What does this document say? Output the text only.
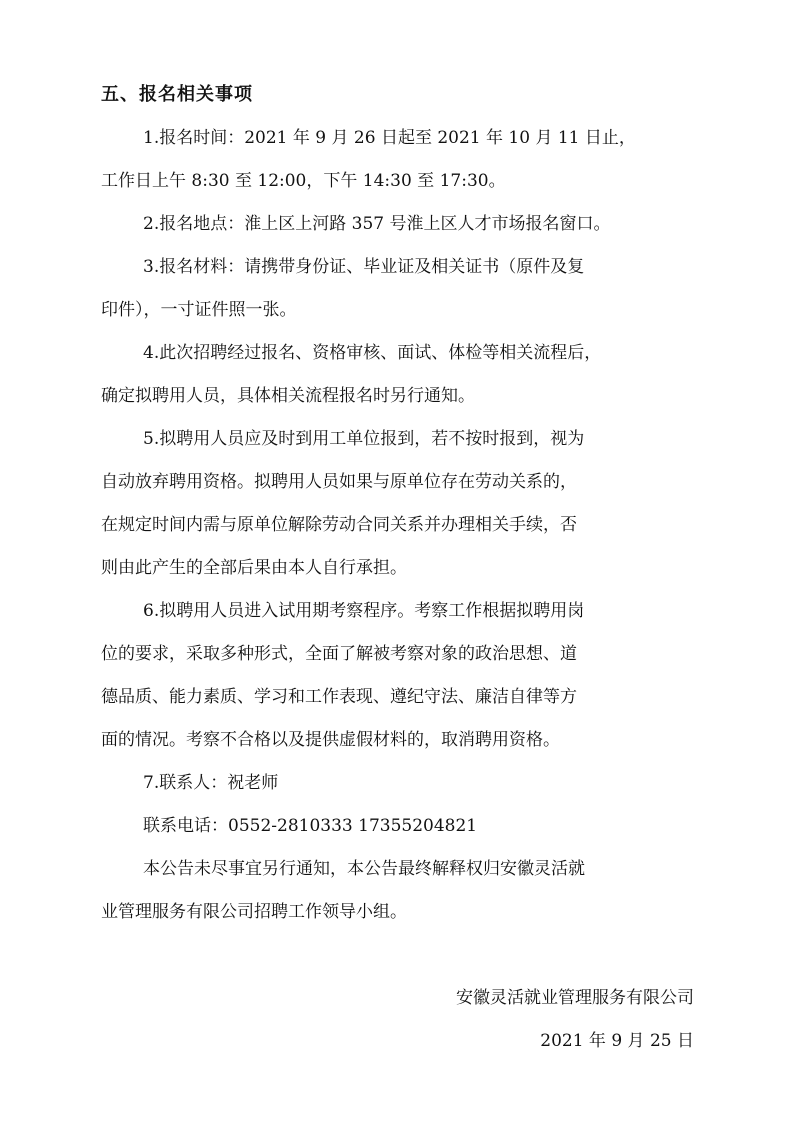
五、报名相关事项
1.报名时间：2021 年 9 月 26 日起至 2021 年 10 月 11 日止，
工作日上午 8:30 至 12:00，下午 14:30 至 17:30。
2.报名地点：淮上区上河路 357 号淮上区人才市场报名窗口。
3.报名材料：请携带身份证、毕业证及相关证书（原件及复
印件），一寸证件照一张。
4.此次招聘经过报名、资格审核、面试、体检等相关流程后，
确定拟聘用人员，具体相关流程报名时另行通知。
5.拟聘用人员应及时到用工单位报到，若不按时报到，视为
自动放弃聘用资格。拟聘用人员如果与原单位存在劳动关系的，
在规定时间内需与原单位解除劳动合同关系并办理相关手续，否
则由此产生的全部后果由本人自行承担。
6.拟聘用人员进入试用期考察程序。考察工作根据拟聘用岗
位的要求，采取多种形式，全面了解被考察对象的政治思想、道
德品质、能力素质、学习和工作表现、遵纪守法、廉洁自律等方
面的情况。考察不合格以及提供虚假材料的，取消聘用资格。
7.联系人：祝老师
联系电话：0552-2810333 17355204821
本公告未尽事宜另行通知，本公告最终解释权归安徽灵活就
业管理服务有限公司招聘工作领导小组。
安徽灵活就业管理服务有限公司
2021 年 9 月 25 日
